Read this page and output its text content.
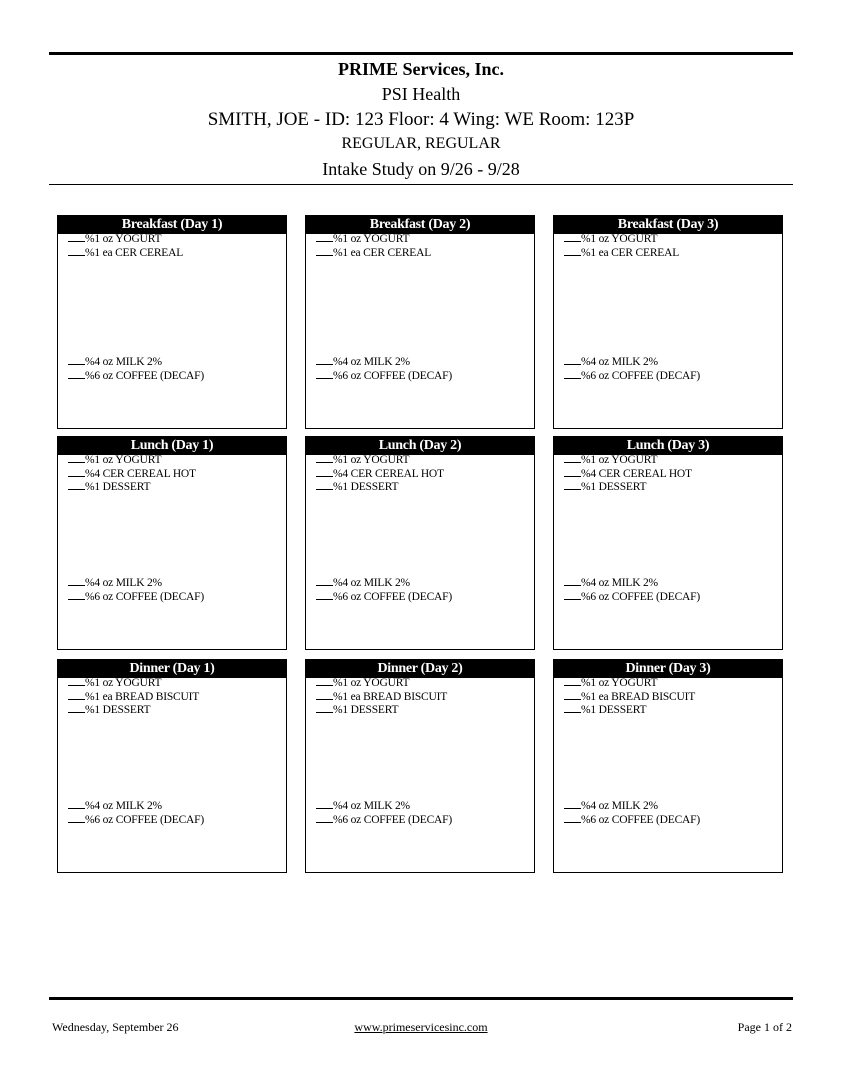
PRIME Services, Inc.
PSI Health
SMITH, JOE - ID: 123 Floor: 4 Wing: WE Room: 123P
REGULAR, REGULAR
Intake Study on 9/26 - 9/28
Breakfast (Day 1)
%1 oz YOGURT
%1 ea CER CEREAL
%4 oz MILK 2%
%6 oz COFFEE (DECAF)
Breakfast (Day 2)
%1 oz YOGURT
%1 ea CER CEREAL
%4 oz MILK 2%
%6 oz COFFEE (DECAF)
Breakfast (Day 3)
%1 oz YOGURT
%1 ea CER CEREAL
%4 oz MILK 2%
%6 oz COFFEE (DECAF)
Lunch (Day 1)
%1 oz YOGURT
%4 CER CEREAL HOT
%1 DESSERT
%4 oz MILK 2%
%6 oz COFFEE (DECAF)
Lunch (Day 2)
%1 oz YOGURT
%4 CER CEREAL HOT
%1 DESSERT
%4 oz MILK 2%
%6 oz COFFEE (DECAF)
Lunch (Day 3)
%1 oz YOGURT
%4 CER CEREAL HOT
%1 DESSERT
%4 oz MILK 2%
%6 oz COFFEE (DECAF)
Dinner (Day 1)
%1 oz YOGURT
%1 ea BREAD BISCUIT
%1 DESSERT
%4 oz MILK 2%
%6 oz COFFEE (DECAF)
Dinner (Day 2)
%1 oz YOGURT
%1 ea BREAD BISCUIT
%1 DESSERT
%4 oz MILK 2%
%6 oz COFFEE (DECAF)
Dinner (Day 3)
%1 oz YOGURT
%1 ea BREAD BISCUIT
%1 DESSERT
%4 oz MILK 2%
%6 oz COFFEE (DECAF)
Wednesday, September 26	www.primeservicesinc.com	Page 1 of 2
